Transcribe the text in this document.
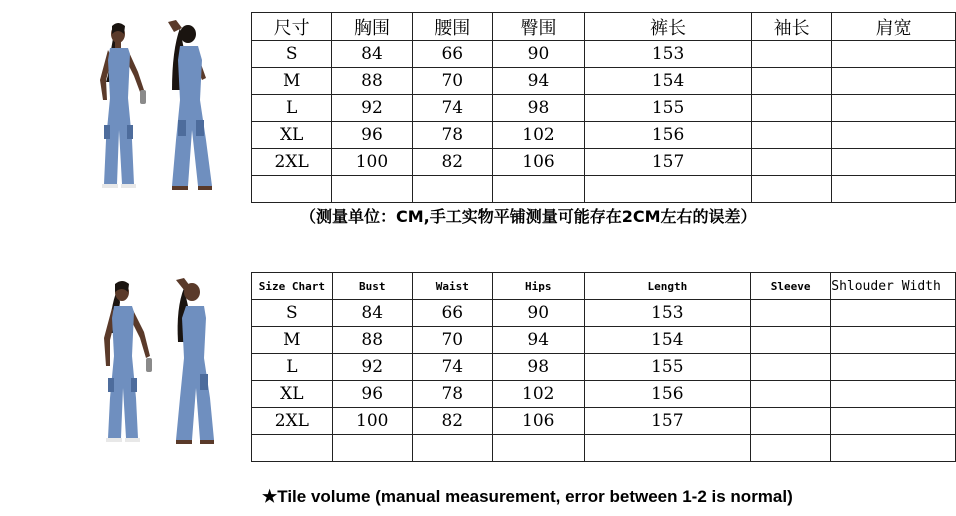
尺寸	胸围	腰围	臀围	裤长	袖长	肩宽
S	84	66	90	153		
M	88	70	94	154		
L	92	74	98	155		
XL	96	78	102	156		
2XL	100	82	106	157		

（测量单位：CM,手工实物平铺测量可能存在2CM左右的误差）
Size Chart	Bust	Waist	Hips	Length	Sleeve	Shlouder Width
S	84	66	90	153		
M	88	70	94	154		
L	92	74	98	155		
XL	96	78	102	156		
2XL	100	82	106	157		

★Tile volume (manual measurement, error between 1-2 is normal)
